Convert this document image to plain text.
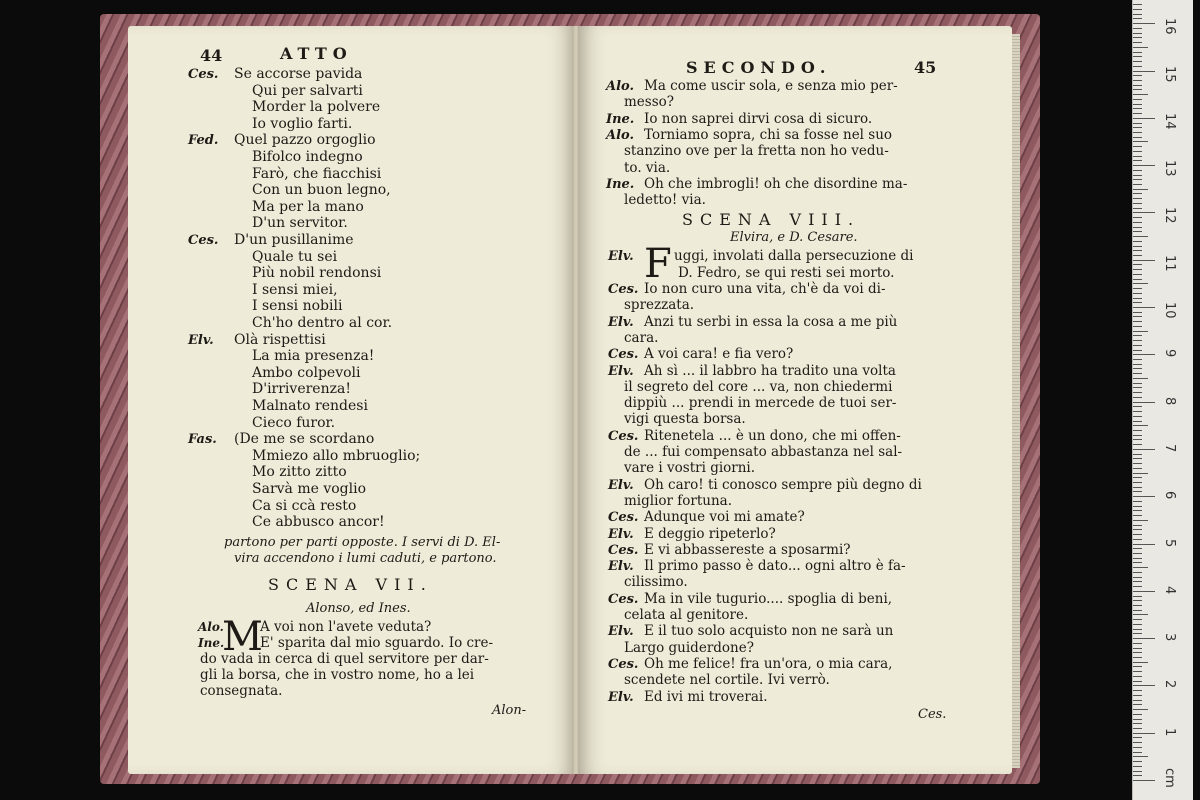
44	ATTO
Ces. Se accorse pavida
Qui per salvarti
Morder la polvere
Io voglio farti.
Fed. Quel pazzo orgoglio
Bifolco indegno
Farò, che fiacchisi
Con un buon legno,
Ma per la mano
D'un servitor.
Ces. D'un pusillanime
Quale tu sei
Più nobil rendonsi
I sensi miei,
I sensi nobili
Ch'ho dentro al cor.
Elv. Olà rispettisi
La mia presenza!
Ambo colpevoli
D'irriverenza!
Malnato rendesi
Cieco furor.
Fas. (De me se scordano
Mmiezo allo mbruoglio;
Mo zitto zitto
Sarvà me voglio
Ca si ccà resto
Ce abbusco ancor!
partono per parti opposte. I servi di D. El-
vira accendono i lumi caduti, e partono.
SCENA VII.
Alonso, ed Ines.
M
Alo.	A voi non l'avete veduta?
Ine.	E' sparita dal mio sguardo. Io cre-
do vada in cerca di quel servitore per dar-
gli la borsa, che in vostro nome, ho a lei
consegnata.
Alon-
SECONDO.	45
Alo. Ma come uscir sola, e senza mio per-
messo?
Ine. Io non saprei dirvi cosa di sicuro.
Alo. Torniamo sopra, chi sa fosse nel suo
stanzino ove per la fretta non ho vedu-
to. via.
Ine. Oh che imbrogli! oh che disordine ma-
ledetto! via.
SCENA VIII.
Elvira, e D. Cesare.
F
Elv.	uggi, involati dalla persecuzione di
D. Fedro, se qui resti sei morto.
Ces. Io non curo una vita, ch'è da voi di-
sprezzata.
Elv. Anzi tu serbi in essa la cosa a me più
cara.
Ces. A voi cara! e fia vero?
Elv. Ah sì ... il labbro ha tradito una volta
il segreto del core ... va, non chiedermi
dippiù ... prendi in mercede de tuoi ser-
vigi questa borsa.
Ces. Ritenetela ... è un dono, che mi offen-
de ... fui compensato abbastanza nel sal-
vare i vostri giorni.
Elv. Oh caro! ti conosco sempre più degno di
miglior fortuna.
Ces. Adunque voi mi amate?
Elv. E deggio ripeterlo?
Ces. E vi abbassereste a sposarmi?
Elv. Il primo passo è dato... ogni altro è fa-
cilissimo.
Ces. Ma in vile tugurio.... spoglia di beni,
celata al genitore.
Elv. E il tuo solo acquisto non ne sarà un
Largo guiderdone?
Ces. Oh me felice! fra un'ora, o mia cara,
scendete nel cortile. Ivi verrò.
Elv. Ed ivi mi troverai.
Ces.
1
2
3
4
5
6
7
8
9
10
11
12
13
14
15
16
cm
